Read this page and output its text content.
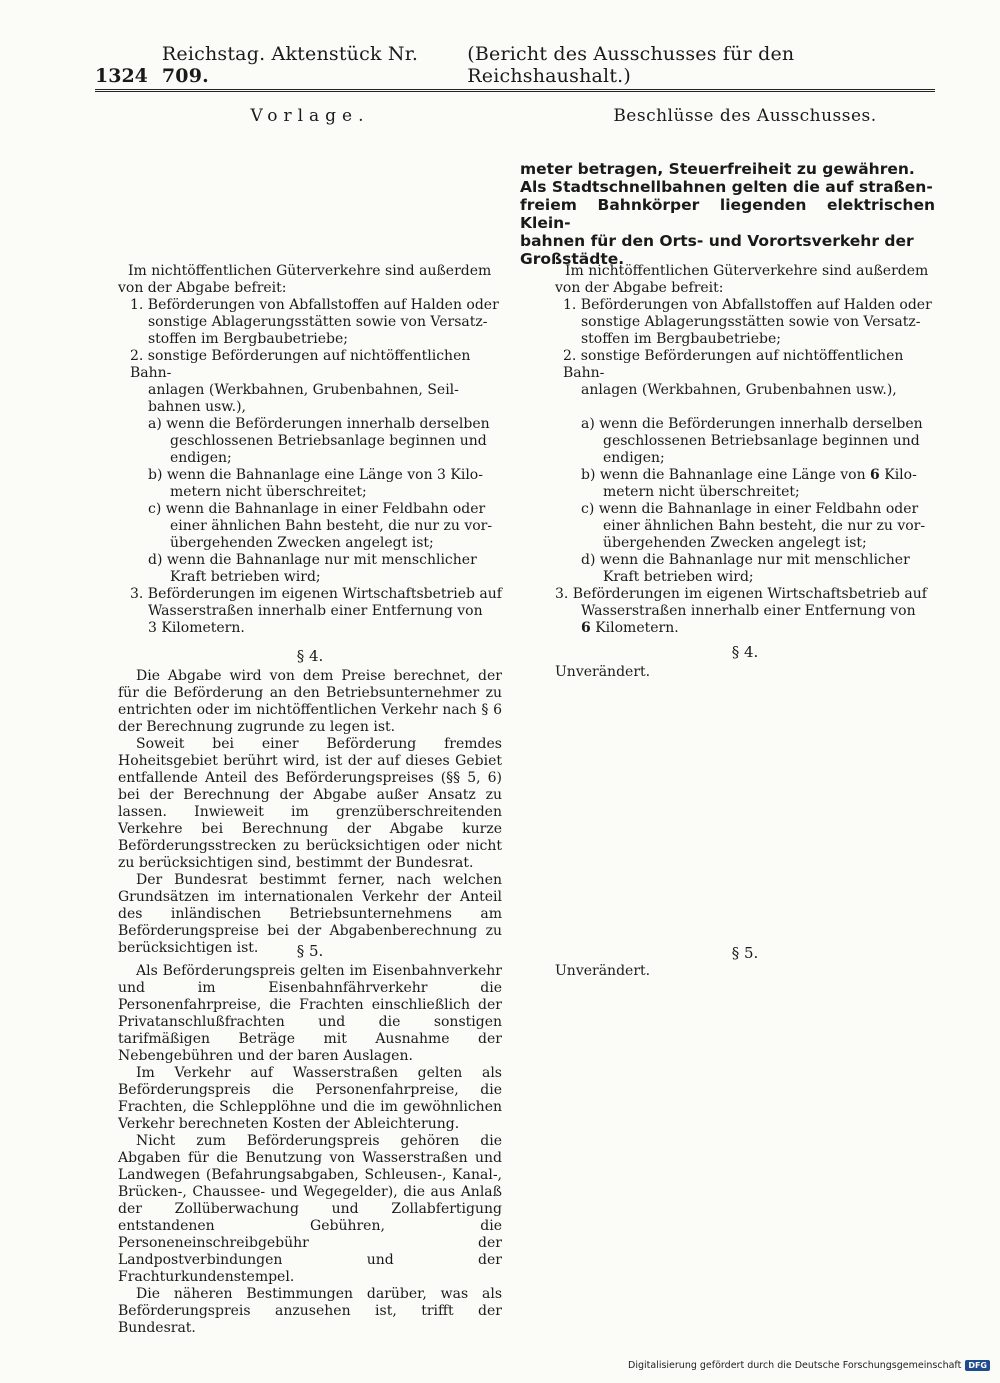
1324
Reichstag. Aktenstück Nr. 709.
(Bericht des Ausschusses für den Reichshaushalt.)
Vorlage.	Beschlüsse des Ausschusses.
meter betragen, Steuerfreiheit zu gewähren.
Als Stadtschnellbahnen gelten die auf straßen-
freiem Bahnkörper liegenden elektrischen Klein-
bahnen für den Orts- und Vorortsverkehr der
Großstädte.

Im nichtöffentlichen Güterverkehre sind außerdem

von der Abgabe befreit:

1. Beförderungen von Abfallstoffen auf Halden oder

sonstige Ablagerungsstätten sowie von Versatz-

stoffen im Bergbaubetriebe;

2. sonstige Beförderungen auf nichtöffentlichen Bahn-

anlagen (Werkbahnen, Grubenbahnen, Seil-

bahnen usw.),

a) wenn die Beförderungen innerhalb derselben

geschlossenen Betriebsanlage beginnen und

endigen;

b) wenn die Bahnanlage eine Länge von 3 Kilo-

metern nicht überschreitet;

c) wenn die Bahnanlage in einer Feldbahn oder

einer ähnlichen Bahn besteht, die nur zu vor-

übergehenden Zwecken angelegt ist;

d) wenn die Bahnanlage nur mit menschlicher

Kraft betrieben wird;

3. Beförderungen im eigenen Wirtschaftsbetrieb auf

Wasserstraßen innerhalb einer Entfernung von

3 Kilometern.

Im nichtöffentlichen Güterverkehre sind außerdem

von der Abgabe befreit:

1. Beförderungen von Abfallstoffen auf Halden oder

sonstige Ablagerungsstätten sowie von Versatz-

stoffen im Bergbaubetriebe;

2. sonstige Beförderungen auf nichtöffentlichen Bahn-

anlagen (Werkbahnen, Grubenbahnen usw.),

a) wenn die Beförderungen innerhalb derselben

geschlossenen Betriebsanlage beginnen und

endigen;

b) wenn die Bahnanlage eine Länge von 6 Kilo-

metern nicht überschreitet;

c) wenn die Bahnanlage in einer Feldbahn oder

einer ähnlichen Bahn besteht, die nur zu vor-

übergehenden Zwecken angelegt ist;

d) wenn die Bahnanlage nur mit menschlicher

Kraft betrieben wird;

3. Beförderungen im eigenen Wirtschaftsbetrieb auf

Wasserstraßen innerhalb einer Entfernung von

6 Kilometern.

§ 4.	§ 4.
Unverändert.

Die Abgabe wird von dem Preise berechnet, der für die Beförderung an den Betriebsunternehmer zu entrichten oder im nichtöffentlichen Verkehr nach § 6 der Berechnung zugrunde zu legen ist.

Soweit bei einer Beförderung fremdes Hoheitsgebiet berührt wird, ist der auf dieses Gebiet entfallende Anteil des Beförderungspreises (§§ 5, 6) bei der Berechnung der Abgabe außer Ansatz zu lassen. Inwieweit im grenzüberschreitenden Verkehre bei Berechnung der Abgabe kurze Beförderungsstrecken zu berücksichtigen oder nicht zu berücksichtigen sind, bestimmt der Bundesrat.

Der Bundesrat bestimmt ferner, nach welchen Grundsätzen im internationalen Verkehr der Anteil des inländischen Betriebsunternehmens am Beförderungspreise bei der Abgabenberechnung zu berücksichtigen ist.	§ 5.	§ 5.
Unverändert.

Als Beförderungspreis gelten im Eisenbahnverkehr und im Eisenbahnfährverkehr die Personenfahrpreise, die Frachten einschließlich der Privatanschlußfrachten und die sonstigen tarifmäßigen Beträge mit Ausnahme der Nebengebühren und der baren Auslagen.

Im Verkehr auf Wasserstraßen gelten als Beförderungspreis die Personenfahrpreise, die Frachten, die Schlepplöhne und die im gewöhnlichen Verkehr berechneten Kosten der Ableichterung.

Nicht zum Beförderungspreis gehören die Abgaben für die Benutzung von Wasserstraßen und Landwegen (Befahrungsabgaben, Schleusen-, Kanal-, Brücken-, Chaussee- und Wegegelder), die aus Anlaß der Zollüberwachung und Zollabfertigung entstandenen Gebühren, die Personeneinschreibgebühr der Landpostverbindungen und der Frachturkundenstempel.

Die näheren Bestimmungen darüber, was als Beförderungspreis anzusehen ist, trifft der Bundesrat.

Digitalisierung gefördert durch die Deutsche Forschungsgemeinschaft DFG
